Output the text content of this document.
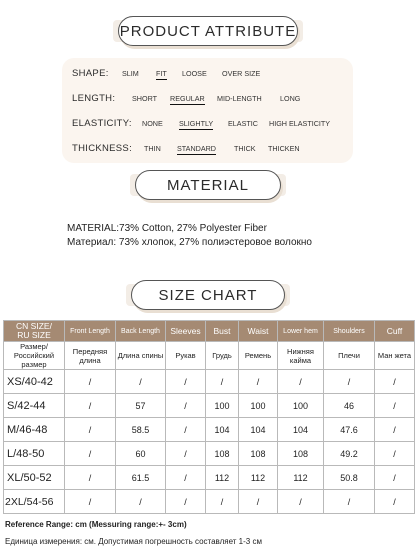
PRODUCT ATTRIBUTE
SHAPE: SLIM FIT LOOSE OVER SIZE
LENGTH: SHORT REGULAR MID-LENGTH	LONG
ELASTICITY: NONE SLIGHTLY ELASTIC HIGH ELASTICITY
THICKNESS: THIN STANDARD THICK THICKEN
MATERIAL
MATERIAL:73% Cotton, 27% Polyester Fiber
Материал: 73% хлопок, 27% полиэстеровое волокно
SIZE CHART
CN SIZE/
RU SIZE	Front Length	Back Length	Sleeves	Bust	Waist	Lower hem	Shoulders	Cuff
Размер/ Российский размер	Передняя длина	Длина спины	Рукав	Грудь	Ремень	Нижняя кайма	Плечи	Ман жета
XS/40-42	/	/	/	/	/	/	/	/
S/42-44	/	57	/	100	100	100	46	/
M/46-48	/	58.5	/	104	104	104	47.6	/
L/48-50	/	60	/	108	108	108	49.2	/
XL/50-52	/	61.5	/	112	112	112	50.8	/
2XL/54-56	/	/	/	/	/	/	/	/
Reference Range: cm (Messuring range:+- 3cm)
Единица измерения: см. Допустимая погрешность составляет 1-3 см
